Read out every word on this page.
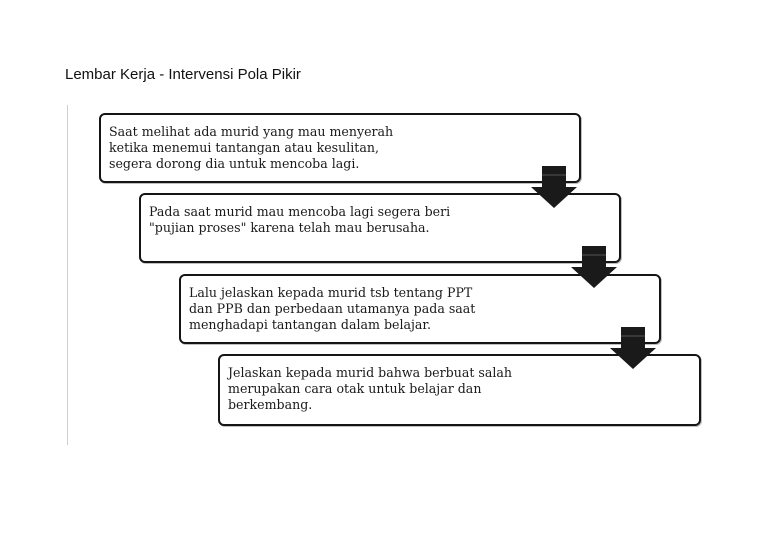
Lembar Kerja - Intervensi Pola Pikir
Saat melihat ada murid yang mau menyerah
ketika menemui tantangan atau kesulitan,
segera dorong dia untuk mencoba lagi.
Pada saat murid mau mencoba lagi segera beri
"pujian proses" karena telah mau berusaha.
Lalu jelaskan kepada murid tsb tentang PPT
dan PPB dan perbedaan utamanya pada saat
menghadapi tantangan dalam belajar.
Jelaskan kepada murid bahwa berbuat salah
merupakan cara otak untuk belajar dan
berkembang.
